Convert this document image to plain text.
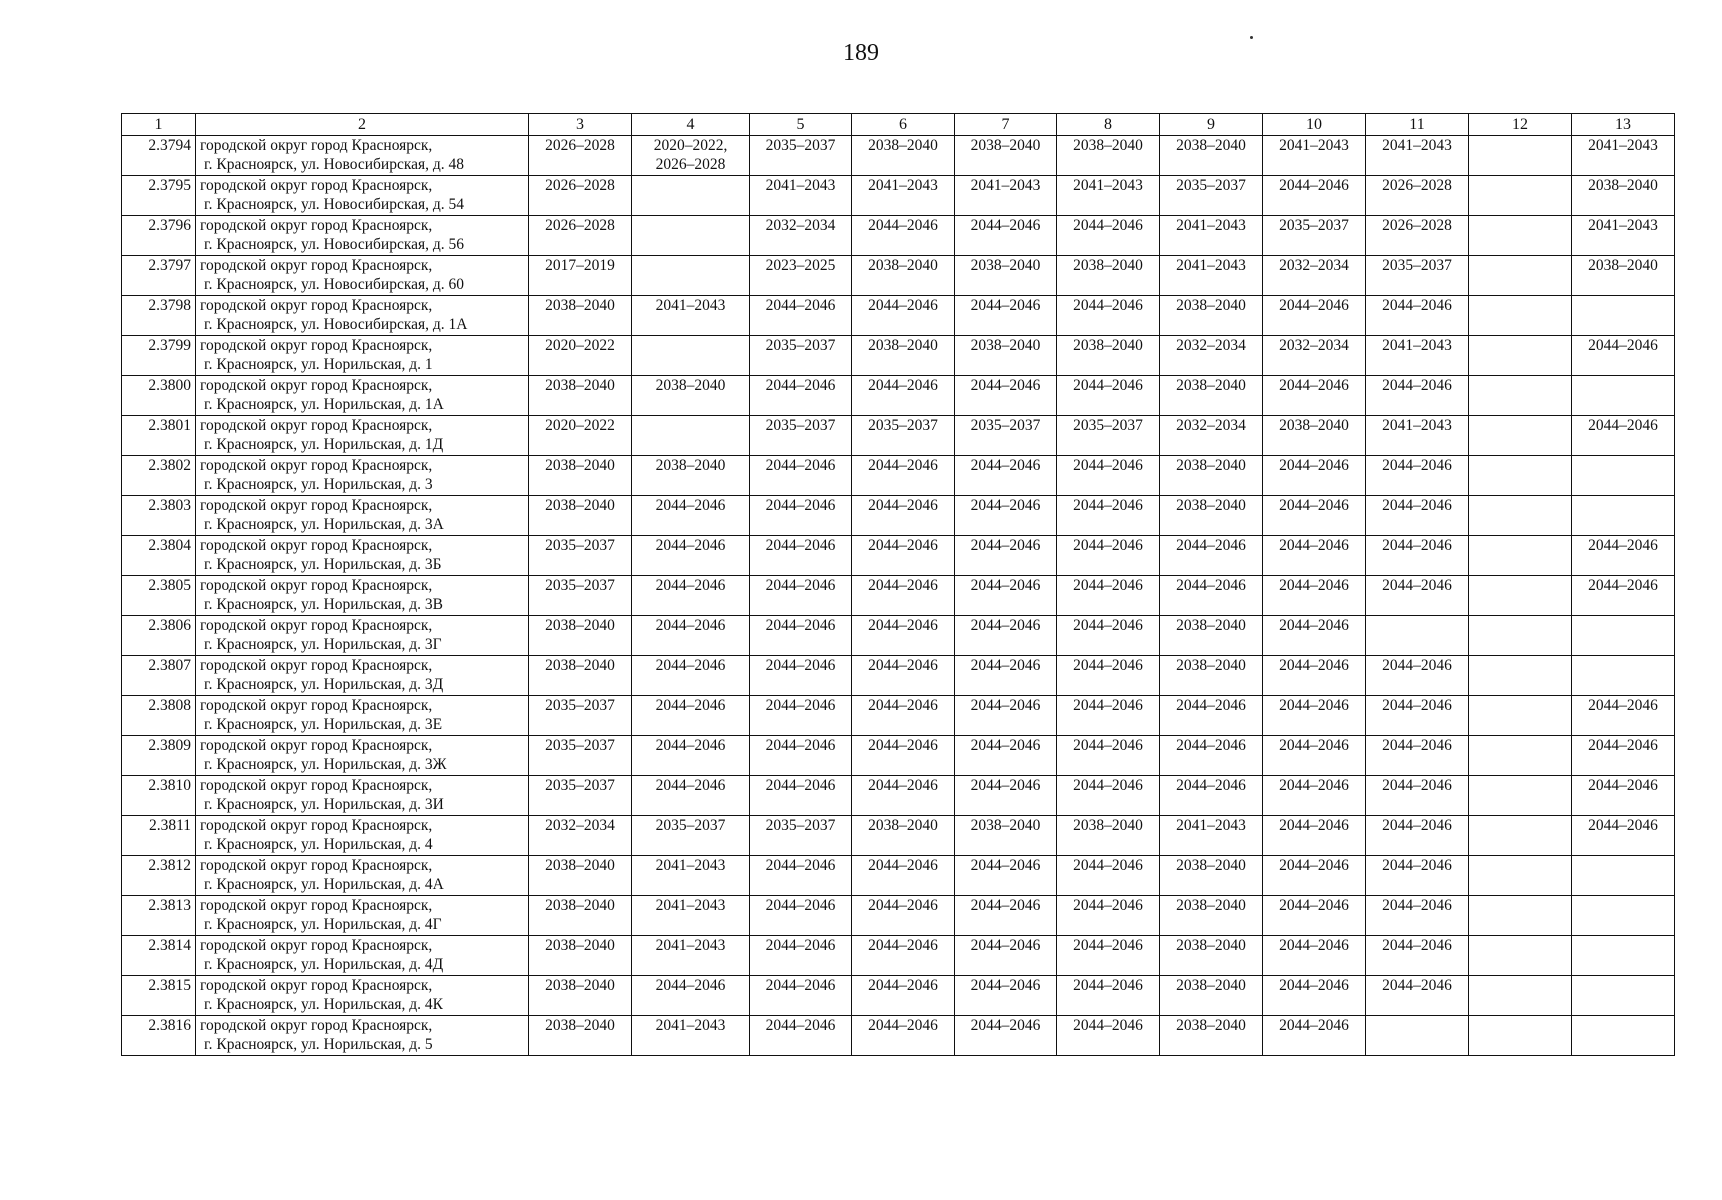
189
1	2	3	4	5	6	7	8	9	10	11	12	13
2.3794	городской округ город Красноярск,
г. Красноярск, ул. Новосибирская, д. 48	2026–2028	2020–2022,
2026–2028	2035–2037	2038–2040	2038–2040	2038–2040	2038–2040	2041–2043	2041–2043		2041–2043
2.3795	городской округ город Красноярск,
г. Красноярск, ул. Новосибирская, д. 54	2026–2028		2041–2043	2041–2043	2041–2043	2041–2043	2035–2037	2044–2046	2026–2028		2038–2040
2.3796	городской округ город Красноярск,
г. Красноярск, ул. Новосибирская, д. 56	2026–2028		2032–2034	2044–2046	2044–2046	2044–2046	2041–2043	2035–2037	2026–2028		2041–2043
2.3797	городской округ город Красноярск,
г. Красноярск, ул. Новосибирская, д. 60	2017–2019		2023–2025	2038–2040	2038–2040	2038–2040	2041–2043	2032–2034	2035–2037		2038–2040
2.3798	городской округ город Красноярск,
г. Красноярск, ул. Новосибирская, д. 1А	2038–2040	2041–2043	2044–2046	2044–2046	2044–2046	2044–2046	2038–2040	2044–2046	2044–2046		
2.3799	городской округ город Красноярск,
г. Красноярск, ул. Норильская, д. 1	2020–2022		2035–2037	2038–2040	2038–2040	2038–2040	2032–2034	2032–2034	2041–2043		2044–2046
2.3800	городской округ город Красноярск,
г. Красноярск, ул. Норильская, д. 1А	2038–2040	2038–2040	2044–2046	2044–2046	2044–2046	2044–2046	2038–2040	2044–2046	2044–2046		
2.3801	городской округ город Красноярск,
г. Красноярск, ул. Норильская, д. 1Д	2020–2022		2035–2037	2035–2037	2035–2037	2035–2037	2032–2034	2038–2040	2041–2043		2044–2046
2.3802	городской округ город Красноярск,
г. Красноярск, ул. Норильская, д. 3	2038–2040	2038–2040	2044–2046	2044–2046	2044–2046	2044–2046	2038–2040	2044–2046	2044–2046		
2.3803	городской округ город Красноярск,
г. Красноярск, ул. Норильская, д. 3А	2038–2040	2044–2046	2044–2046	2044–2046	2044–2046	2044–2046	2038–2040	2044–2046	2044–2046		
2.3804	городской округ город Красноярск,
г. Красноярск, ул. Норильская, д. 3Б	2035–2037	2044–2046	2044–2046	2044–2046	2044–2046	2044–2046	2044–2046	2044–2046	2044–2046		2044–2046
2.3805	городской округ город Красноярск,
г. Красноярск, ул. Норильская, д. 3В	2035–2037	2044–2046	2044–2046	2044–2046	2044–2046	2044–2046	2044–2046	2044–2046	2044–2046		2044–2046
2.3806	городской округ город Красноярск,
г. Красноярск, ул. Норильская, д. 3Г	2038–2040	2044–2046	2044–2046	2044–2046	2044–2046	2044–2046	2038–2040	2044–2046			
2.3807	городской округ город Красноярск,
г. Красноярск, ул. Норильская, д. 3Д	2038–2040	2044–2046	2044–2046	2044–2046	2044–2046	2044–2046	2038–2040	2044–2046	2044–2046		
2.3808	городской округ город Красноярск,
г. Красноярск, ул. Норильская, д. 3Е	2035–2037	2044–2046	2044–2046	2044–2046	2044–2046	2044–2046	2044–2046	2044–2046	2044–2046		2044–2046
2.3809	городской округ город Красноярск,
г. Красноярск, ул. Норильская, д. 3Ж	2035–2037	2044–2046	2044–2046	2044–2046	2044–2046	2044–2046	2044–2046	2044–2046	2044–2046		2044–2046
2.3810	городской округ город Красноярск,
г. Красноярск, ул. Норильская, д. 3И	2035–2037	2044–2046	2044–2046	2044–2046	2044–2046	2044–2046	2044–2046	2044–2046	2044–2046		2044–2046
2.3811	городской округ город Красноярск,
г. Красноярск, ул. Норильская, д. 4	2032–2034	2035–2037	2035–2037	2038–2040	2038–2040	2038–2040	2041–2043	2044–2046	2044–2046		2044–2046
2.3812	городской округ город Красноярск,
г. Красноярск, ул. Норильская, д. 4А	2038–2040	2041–2043	2044–2046	2044–2046	2044–2046	2044–2046	2038–2040	2044–2046	2044–2046		
2.3813	городской округ город Красноярск,
г. Красноярск, ул. Норильская, д. 4Г	2038–2040	2041–2043	2044–2046	2044–2046	2044–2046	2044–2046	2038–2040	2044–2046	2044–2046		
2.3814	городской округ город Красноярск,
г. Красноярск, ул. Норильская, д. 4Д	2038–2040	2041–2043	2044–2046	2044–2046	2044–2046	2044–2046	2038–2040	2044–2046	2044–2046		
2.3815	городской округ город Красноярск,
г. Красноярск, ул. Норильская, д. 4К	2038–2040	2044–2046	2044–2046	2044–2046	2044–2046	2044–2046	2038–2040	2044–2046	2044–2046		
2.3816	городской округ город Красноярск,
г. Красноярск, ул. Норильская, д. 5	2038–2040	2041–2043	2044–2046	2044–2046	2044–2046	2044–2046	2038–2040	2044–2046			
